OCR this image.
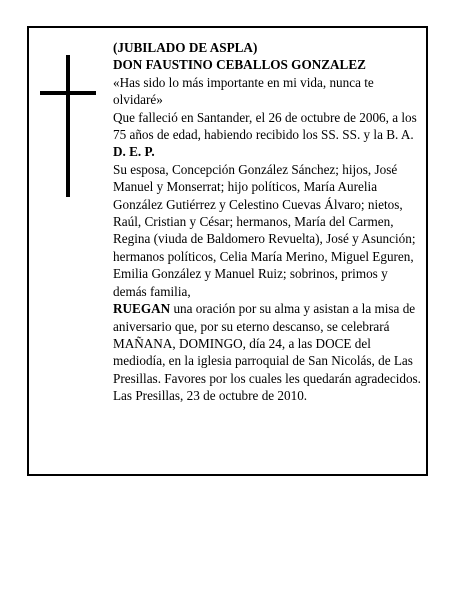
(JUBILADO DE ASPLA)

DON FAUSTINO CEBALLOS GONZALEZ

«Has sido lo más importante en mi vida, nunca te olvidaré»

Que falleció en Santander, el 26 de octubre de 2006, a los 75 años de edad, habiendo recibido los SS. SS. y la B. A.

D. E. P.

Su esposa, Concepción González Sánchez; hijos, José Manuel y Monserrat; hijo políticos, María Aurelia González Gutiérrez y Celestino Cuevas Álvaro; nietos, Raúl, Cristian y César; hermanos, María del Carmen, Regina (viuda de Baldomero Revuelta), José y Asunción; hermanos políticos, Celia María Merino, Miguel Eguren, Emilia González y Manuel Ruiz; sobrinos, primos y demás familia,

RUEGAN una oración por su alma y asistan a la misa de aniversario que, por su eterno descanso, se celebrará MAÑANA, DOMINGO, día 24, a las DOCE del mediodía, en la iglesia parroquial de San Nicolás, de Las Presillas. Favores por los cuales les quedarán agradecidos.

Las Presillas, 23 de octubre de 2010.
